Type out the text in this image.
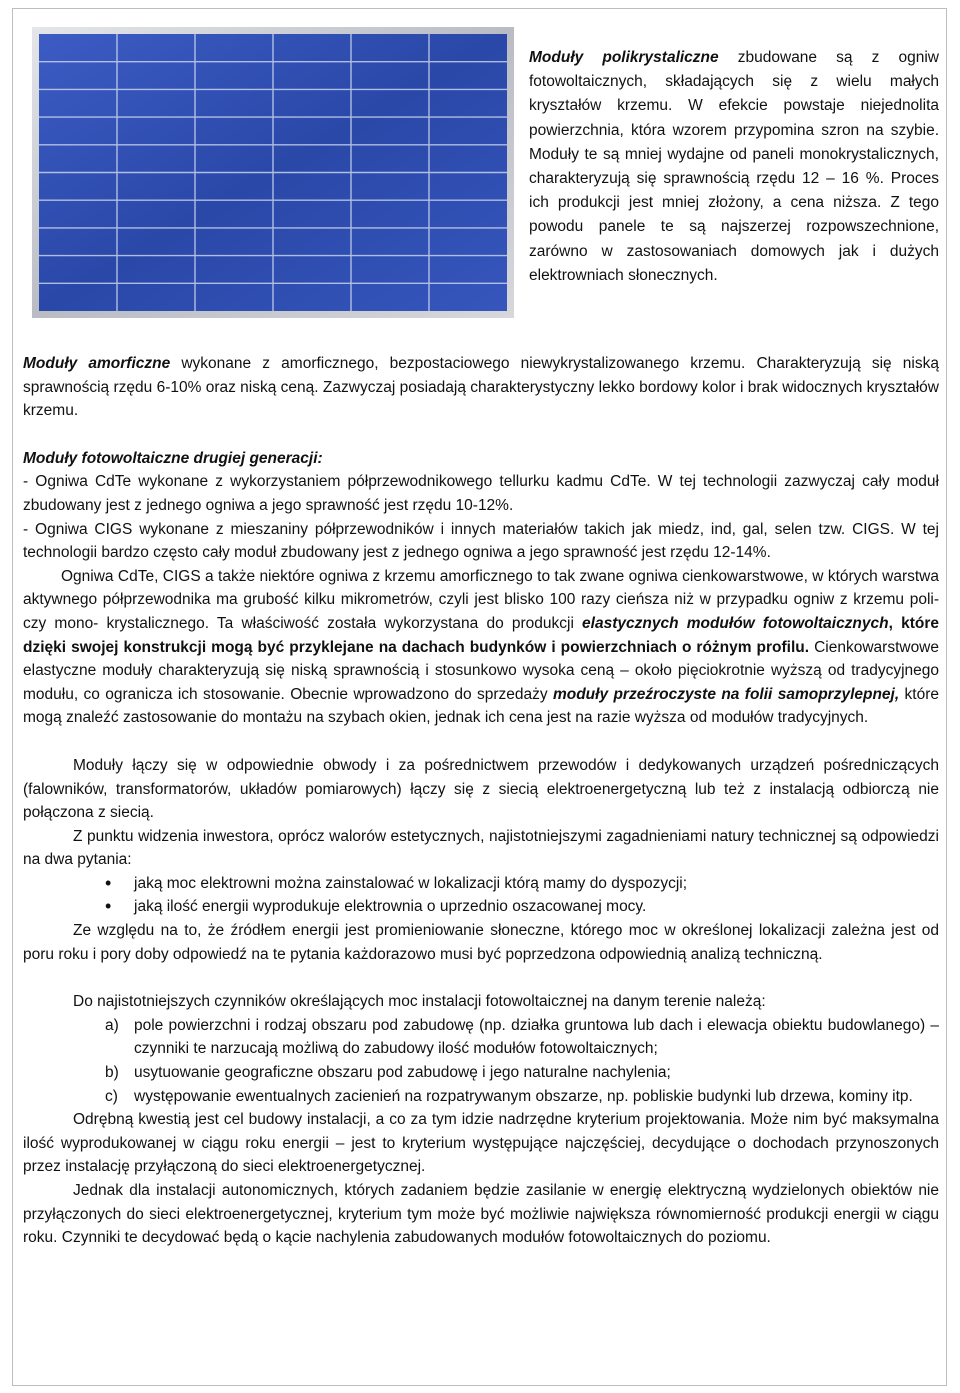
Moduły polikrystaliczne zbudowane są z ogniw fotowoltaicznych, składających się z wielu małych kryształów krzemu. W efekcie powstaje niejednolita powierzchnia, która wzorem przypomina szron na szybie. Moduły te są mniej wydajne od paneli monokrystalicznych, charakteryzują się sprawnością rzędu 12 – 16 %. Proces ich produkcji jest mniej złożony, a cena niższa. Z tego powodu panele te są najszerzej rozpowszechnione, zarówno w zastosowaniach domowych jak i dużych elektrowniach słonecznych.

Moduły amorficzne wykonane z amorficznego, bezpostaciowego niewykrystalizowanego krzemu. Charakteryzują się niską sprawnością rzędu 6-10% oraz niską ceną. Zazwyczaj posiadają charakterystyczny lekko bordowy kolor i brak widocznych kryształów krzemu.

Moduły fotowoltaiczne drugiej generacji:

- Ogniwa CdTe wykonane z wykorzystaniem półprzewodnikowego tellurku kadmu CdTe. W tej technologii zazwyczaj cały moduł zbudowany jest z jednego ogniwa a jego sprawność jest rzędu 10-12%.

- Ogniwa CIGS wykonane z mieszaniny półprzewodników i innych materiałów takich jak miedz, ind, gal, selen tzw. CIGS. W tej technologii bardzo często cały moduł zbudowany jest z jednego ogniwa a jego sprawność jest rzędu 12-14%.

Ogniwa CdTe, CIGS a także niektóre ogniwa z krzemu amorficznego to tak zwane ogniwa cienkowarstwowe, w których warstwa aktywnego półprzewodnika ma grubość kilku mikrometrów, czyli jest blisko 100 razy cieńsza niż w przypadku ogniw z krzemu poli- czy mono- krystalicznego. Ta właściwość została wykorzystana do produkcji elastycznych modułów fotowoltaicznych, które dzięki swojej konstrukcji mogą być przyklejane na dachach budynków i powierzchniach o różnym profilu. Cienkowarstwowe elastyczne moduły charakteryzują się niską sprawnością i stosunkowo wysoka ceną – około pięciokrotnie wyższą od tradycyjnego modułu, co ogranicza ich stosowanie. Obecnie wprowadzono do sprzedaży moduły przeźroczyste na folii samoprzylepnej, które mogą znaleźć zastosowanie do montażu na szybach okien, jednak ich cena jest na razie wyższa od modułów tradycyjnych.

Moduły łączy się w odpowiednie obwody i za pośrednictwem przewodów i dedykowanych urządzeń pośredniczących (falowników, transformatorów, układów pomiarowych) łączy się z siecią elektroenergetyczną lub też z instalacją odbiorczą nie połączona z siecią.

Z punktu widzenia inwestora, oprócz walorów estetycznych, najistotniejszymi zagadnieniami natury technicznej są odpowiedzi na dwa pytania:

• jaką moc elektrowni można zainstalować w lokalizacji którą mamy do dyspozycji;
• jaką ilość energii wyprodukuje elektrownia o uprzednio oszacowanej mocy.

Ze względu na to, że źródłem energii jest promieniowanie słoneczne, którego moc w określonej lokalizacji zależna jest od poru roku i pory doby odpowiedź na te pytania każdorazowo musi być poprzedzona odpowiednią analizą techniczną.

Do najistotniejszych czynników określających moc instalacji fotowoltaicznej na danym terenie należą:

a) pole powierzchni i rodzaj obszaru pod zabudowę (np. działka gruntowa lub dach i elewacja obiektu budowlanego) – czynniki te narzucają możliwą do zabudowy ilość modułów fotowoltaicznych;
b) usytuowanie geograficzne obszaru pod zabudowę i jego naturalne nachylenia;
c) występowanie ewentualnych zacienień na rozpatrywanym obszarze, np. pobliskie budynki lub drzewa, kominy itp.

Odrębną kwestią jest cel budowy instalacji, a co za tym idzie nadrzędne kryterium projektowania. Może nim być maksymalna ilość wyprodukowanej w ciągu roku energii – jest to kryterium występujące najczęściej, decydujące o dochodach przynoszonych przez instalację przyłączoną do sieci elektroenergetycznej.

Jednak dla instalacji autonomicznych, których zadaniem będzie zasilanie w energię elektryczną wydzielonych obiektów nie przyłączonych do sieci elektroenergetycznej, kryterium tym może być możliwie największa równomierność produkcji energii w ciągu roku. Czynniki te decydować będą o kącie nachylenia zabudowanych modułów fotowoltaicznych do poziomu.
